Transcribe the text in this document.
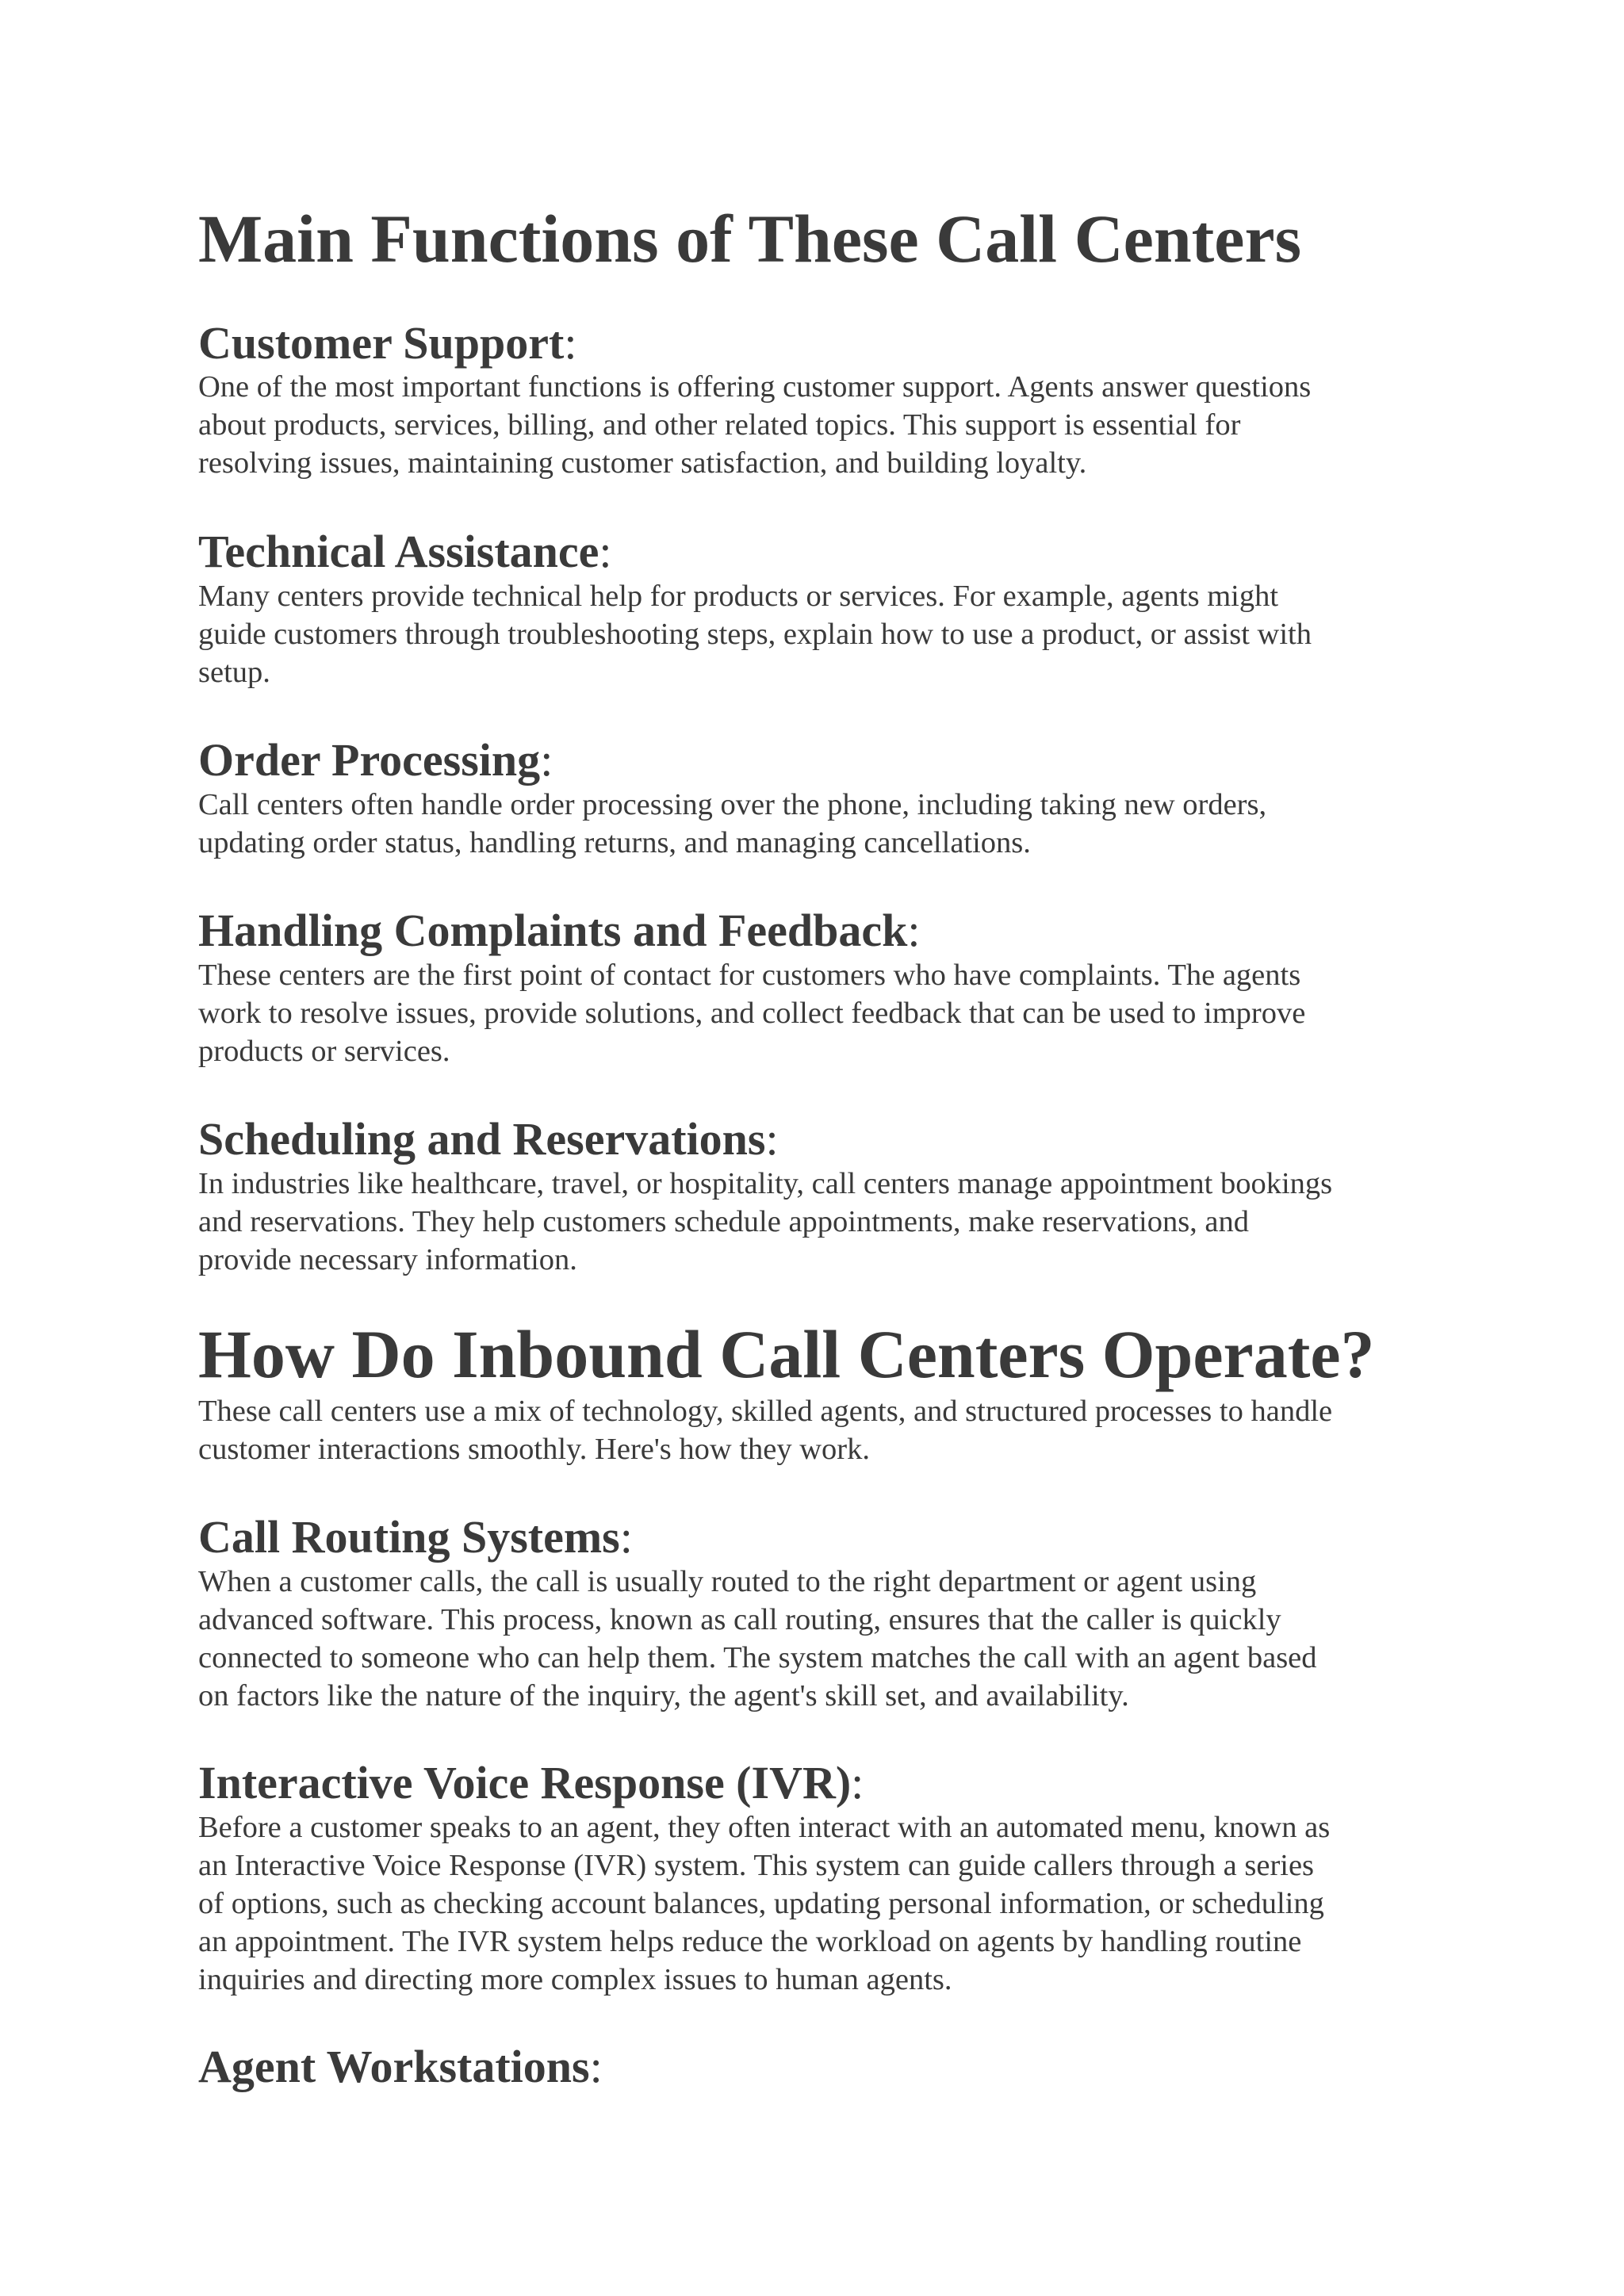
Main Functions of These Call Centers
Customer Support:

One of the most important functions is offering customer support. Agents answer questions
about products, services, billing, and other related topics. This support is essential for
resolving issues, maintaining customer satisfaction, and building loyalty.

Technical Assistance:

Many centers provide technical help for products or services. For example, agents might
guide customers through troubleshooting steps, explain how to use a product, or assist with
setup.

Order Processing:

Call centers often handle order processing over the phone, including taking new orders,
updating order status, handling returns, and managing cancellations.

Handling Complaints and Feedback:

These centers are the first point of contact for customers who have complaints. The agents
work to resolve issues, provide solutions, and collect feedback that can be used to improve
products or services.

Scheduling and Reservations:

In industries like healthcare, travel, or hospitality, call centers manage appointment bookings
and reservations. They help customers schedule appointments, make reservations, and
provide necessary information.

How Do Inbound Call Centers Operate?

These call centers use a mix of technology, skilled agents, and structured processes to handle
customer interactions smoothly. Here's how they work.

Call Routing Systems:

When a customer calls, the call is usually routed to the right department or agent using
advanced software. This process, known as call routing, ensures that the caller is quickly
connected to someone who can help them. The system matches the call with an agent based
on factors like the nature of the inquiry, the agent's skill set, and availability.

Interactive Voice Response (IVR):

Before a customer speaks to an agent, they often interact with an automated menu, known as
an Interactive Voice Response (IVR) system. This system can guide callers through a series
of options, such as checking account balances, updating personal information, or scheduling
an appointment. The IVR system helps reduce the workload on agents by handling routine
inquiries and directing more complex issues to human agents.

Agent Workstations:
